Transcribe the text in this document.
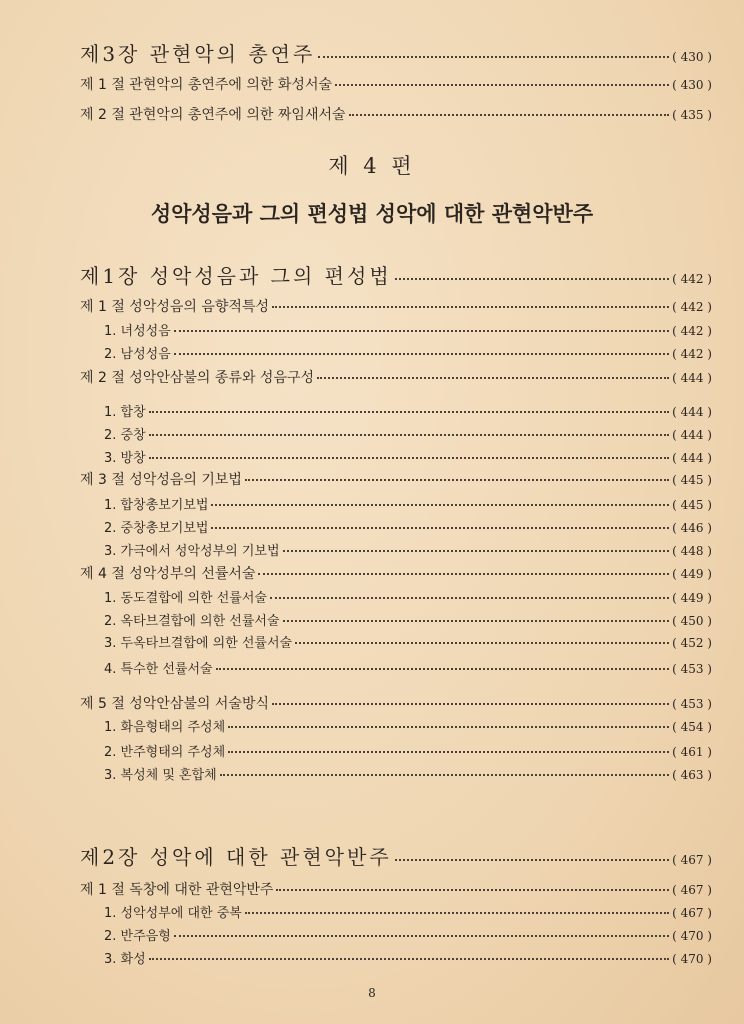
제3장 관현악의 총연주	( 430 )
제 1 절 관현악의 총연주에 의한 화성서술	( 430 )
제 2 절 관현악의 총연주에 의한 짜임새서술	( 435 )
제 4 편
성악성음과 그의 편성법 성악에 대한 관현악반주
제1장 성악성음과 그의 편성법	( 442 )
제 1 절 성악성음의 음향적특성	( 442 )
1. 녀성성음	( 442 )
2. 남성성음	( 442 )
제 2 절 성악안삼불의 종류와 성음구성	( 444 )
1. 합창	( 444 )
2. 중창	( 444 )
3. 방창	( 444 )
제 3 절 성악성음의 기보법	( 445 )
1. 합창총보기보법	( 445 )
2. 중창총보기보법	( 446 )
3. 가극에서 성악성부의 기보법	( 448 )
제 4 절 성악성부의 선률서술	( 449 )
1. 동도결합에 의한 선률서술	( 449 )
2. 옥타브결합에 의한 선률서술	( 450 )
3. 두옥타브결합에 의한 선률서술	( 452 )
4. 특수한 선률서술	( 453 )
제 5 절 성악안삼불의 서술방식	( 453 )
1. 화음형태의 주성체	( 454 )
2. 반주형태의 주성체	( 461 )
3. 복성체 및 혼합체	( 463 )
제2장 성악에 대한 관현악반주	( 467 )
제 1 절 독창에 대한 관현악반주	( 467 )
1. 성악성부에 대한 중복	( 467 )
2. 반주음형	( 470 )
3. 화성	( 470 )
8
